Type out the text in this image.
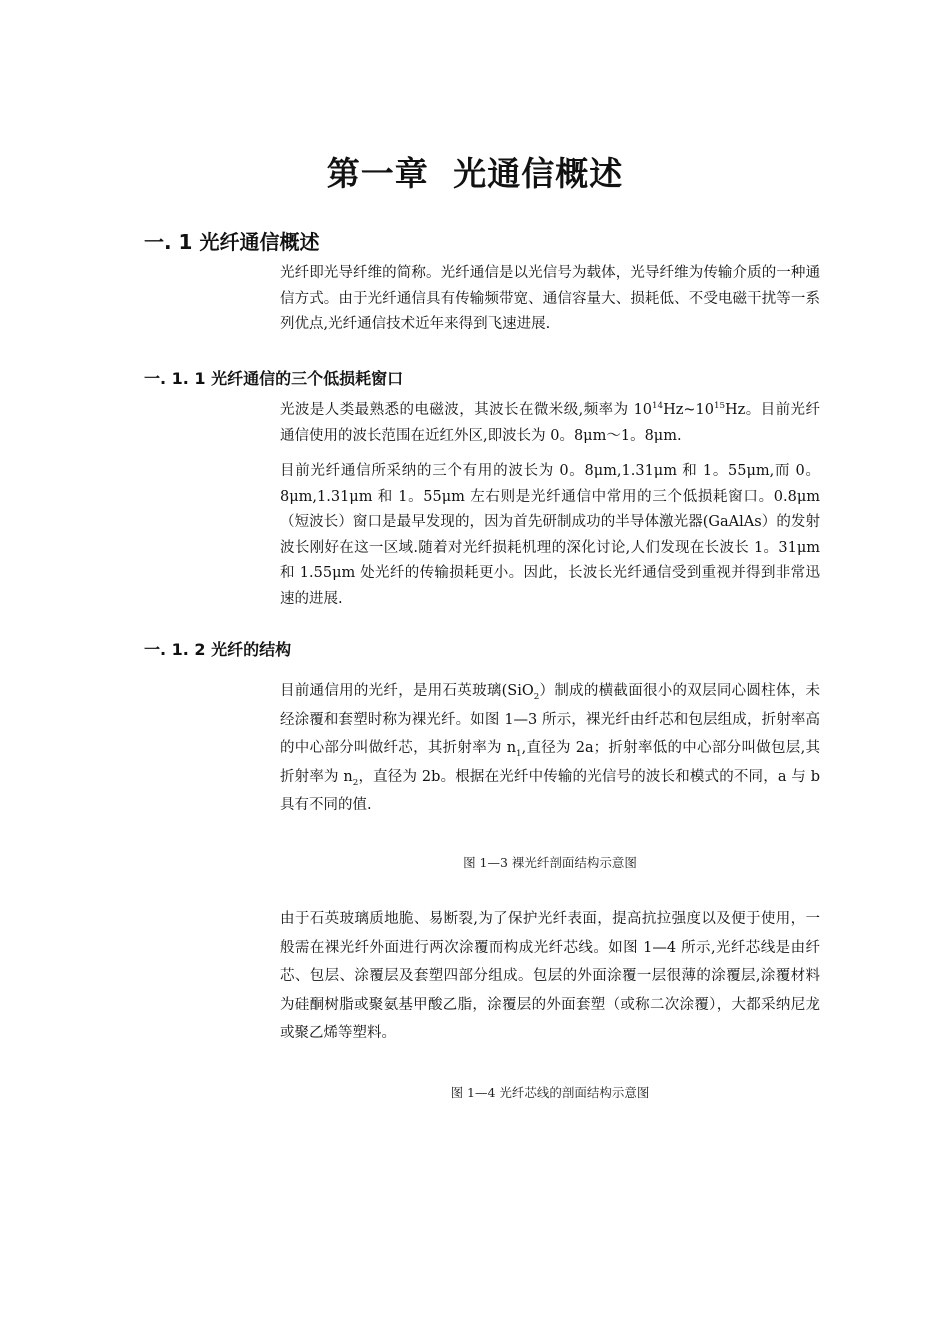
第一章 光通信概述
一. 1 光纤通信概述

光纤即光导纤维的简称。光纤通信是以光信号为载体，光导纤维为传输介质的一种通信方式。由于光纤通信具有传输频带宽、通信容量大、损耗低、不受电磁干扰等一系列优点,光纤通信技术近年来得到飞速进展.

一. 1. 1 光纤通信的三个低损耗窗口

光波是人类最熟悉的电磁波，其波长在微米级,频率为 $10^{14}Hz\sim 10^{15}Hz$。目前光纤通信使用的波长范围在近红外区,即波长为 0。8μm～1。8μm.

目前光纤通信所采纳的三个有用的波长为 0。8μm,1.31μm 和 1。55μm,而 0。8μm,1.31μm 和 1。55μm 左右则是光纤通信中常用的三个低损耗窗口。0.8μm（短波长）窗口是最早发现的，因为首先研制成功的半导体激光器(GaAlAs）的发射波长刚好在这一区域.随着对光纤损耗机理的深化讨论,人们发现在长波长 1。31μm 和 1.55μm 处光纤的传输损耗更小。因此，长波长光纤通信受到重视并得到非常迅速的进展.

一. 1. 2 光纤的结构

目前通信用的光纤，是用石英玻璃(SiO$_2$）制成的横截面很小的双层同心圆柱体，未经涂覆和套塑时称为裸光纤。如图 1—3 所示，裸光纤由纤芯和包层组成，折射率高的中心部分叫做纤芯，其折射率为 $n_1$,直径为 2a；折射率低的中心部分叫做包层,其折射率为 $n_2$，直径为 2b。根据在光纤中传输的光信号的波长和模式的不同，a 与 b 具有不同的值.

图 1—3 裸光纤剖面结构示意图

由于石英玻璃质地脆、易断裂,为了保护光纤表面，提高抗拉强度以及便于使用，一般需在裸光纤外面进行两次涂覆而构成光纤芯线。如图 1—4 所示,光纤芯线是由纤芯、包层、涂覆层及套塑四部分组成。包层的外面涂覆一层很薄的涂覆层,涂覆材料为硅酮树脂或聚氨基甲酸乙脂，涂覆层的外面套塑（或称二次涂覆），大都采纳尼龙或聚乙烯等塑料。

图 1—4 光纤芯线的剖面结构示意图
